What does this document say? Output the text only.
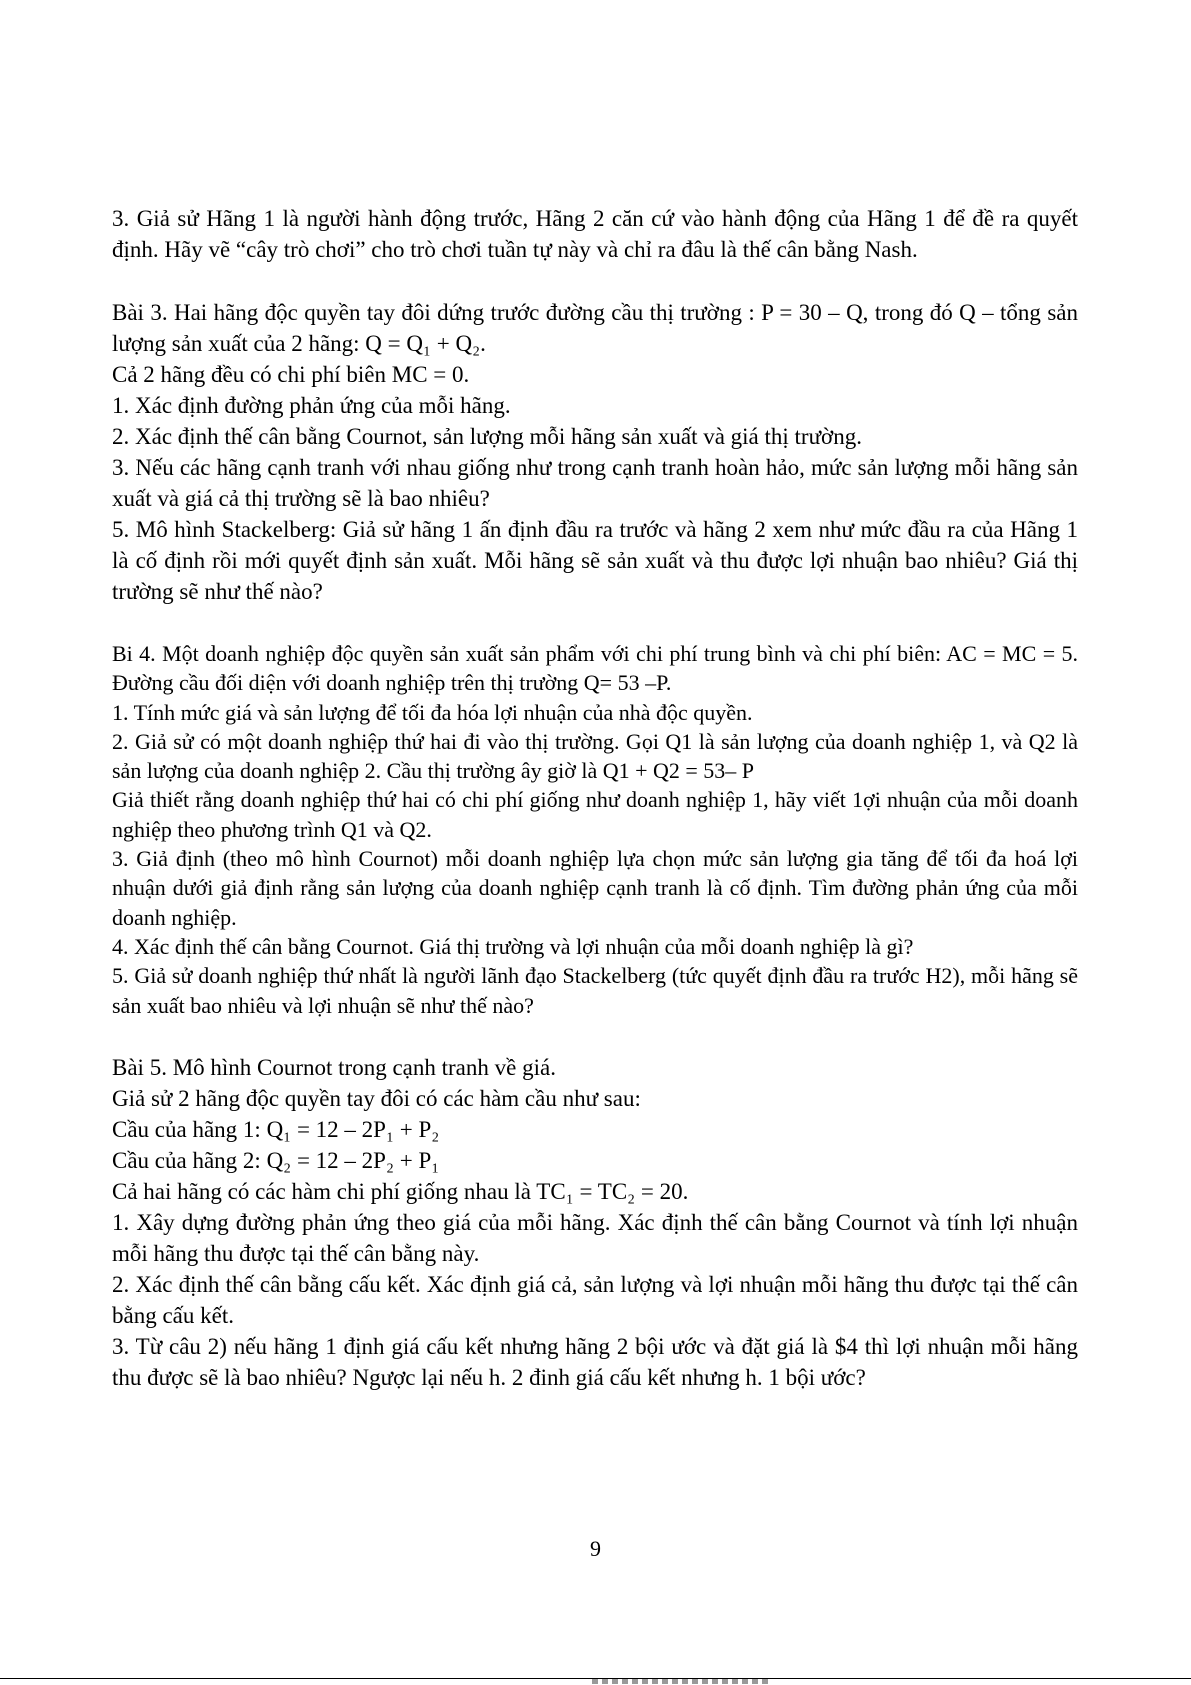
3. Giả sử Hãng 1 là người hành động trước, Hãng 2 căn cứ vào hành động của Hãng 1 để đề ra quyết định. Hãy vẽ “cây trò chơi” cho trò chơi tuần tự này và chỉ ra đâu là thế cân bằng Nash.

Bài 3. Hai hãng độc quyền tay đôi dứng trước đường cầu thị trường : P = 30 – Q, trong đó Q – tổng sản lượng sản xuất của 2 hãng: Q = Q₁ + Q₂.

Cả 2 hãng đều có chi phí biên MC = 0.

1. Xác định đường phản ứng của mỗi hãng.

2. Xác định thế cân bằng Cournot, sản lượng mỗi hãng sản xuất và giá thị trường.

3. Nếu các hãng cạnh tranh với nhau giống như trong cạnh tranh hoàn hảo, mức sản lượng mỗi hãng sản xuất và giá cả thị trường sẽ là bao nhiêu?

5. Mô hình Stackelberg: Giả sử hãng 1 ấn định đầu ra trước và hãng 2 xem như mức đầu ra của Hãng 1 là cố định rồi mới quyết định sản xuất. Mỗi hãng sẽ sản xuất và thu được lợi nhuận bao nhiêu? Giá thị trường sẽ như thế nào?

Bi 4. Một doanh nghiệp độc quyền sản xuất sản phẩm với chi phí trung bình và chi phí biên: AC = MC = 5. Đường cầu đối diện với doanh nghiệp trên thị trường Q= 53 –P.

1. Tính mức giá và sản lượng để tối đa hóa lợi nhuận của nhà độc quyền.

2. Giả sử có một doanh nghiệp thứ hai đi vào thị trường. Gọi Q1 là sản lượng của doanh nghiệp 1, và Q2 là sản lượng của doanh nghiệp 2. Cầu thị trường ây giờ là Q1 + Q2 = 53– P

Giả thiết rằng doanh nghiệp thứ hai có chi phí giống như doanh nghiệp 1, hãy viết 1ợi nhuận của mỗi doanh nghiệp theo phương trình Q1 và Q2.

3. Giả định (theo mô hình Cournot) mỗi doanh nghiệp lựa chọn mức sản lượng gia tăng để tối đa hoá lợi nhuận dưới giả định rằng sản lượng của doanh nghiệp cạnh tranh là cố định. Tìm đường phản ứng của mỗi doanh nghiệp.

4. Xác định thế cân bằng Cournot. Giá thị trường và lợi nhuận của mỗi doanh nghiệp là gì?

5. Giả sử doanh nghiệp thứ nhất là người lãnh đạo Stackelberg (tức quyết định đầu ra trước H2), mỗi hãng sẽ sản xuất bao nhiêu và lợi nhuận sẽ như thế nào?

Bài 5. Mô hình Cournot trong cạnh tranh về giá.

Giả sử 2 hãng độc quyền tay đôi có các hàm cầu như sau:

Cầu của hãng 1: Q₁ = 12 – 2P₁ + P₂

Cầu của hãng 2: Q₂ = 12 – 2P₂ + P₁

Cả hai hãng có các hàm chi phí giống nhau là TC₁ = TC₂ = 20.

1. Xây dựng đường phản ứng theo giá của mỗi hãng. Xác định thế cân bằng Cournot và tính lợi nhuận mỗi hãng thu được tại thế cân bằng này.

2. Xác định thế cân bằng cấu kết. Xác định giá cả, sản lượng và lợi nhuận mỗi hãng thu được tại thế cân bằng cấu kết.

3. Từ câu 2) nếu hãng 1 định giá cấu kết nhưng hãng 2 bội ước và đặt giá là $4 thì lợi nhuận mỗi hãng thu được sẽ là bao nhiêu? Ngược lại nếu h. 2 đinh giá cấu kết nhưng h. 1 bội ước?

9
